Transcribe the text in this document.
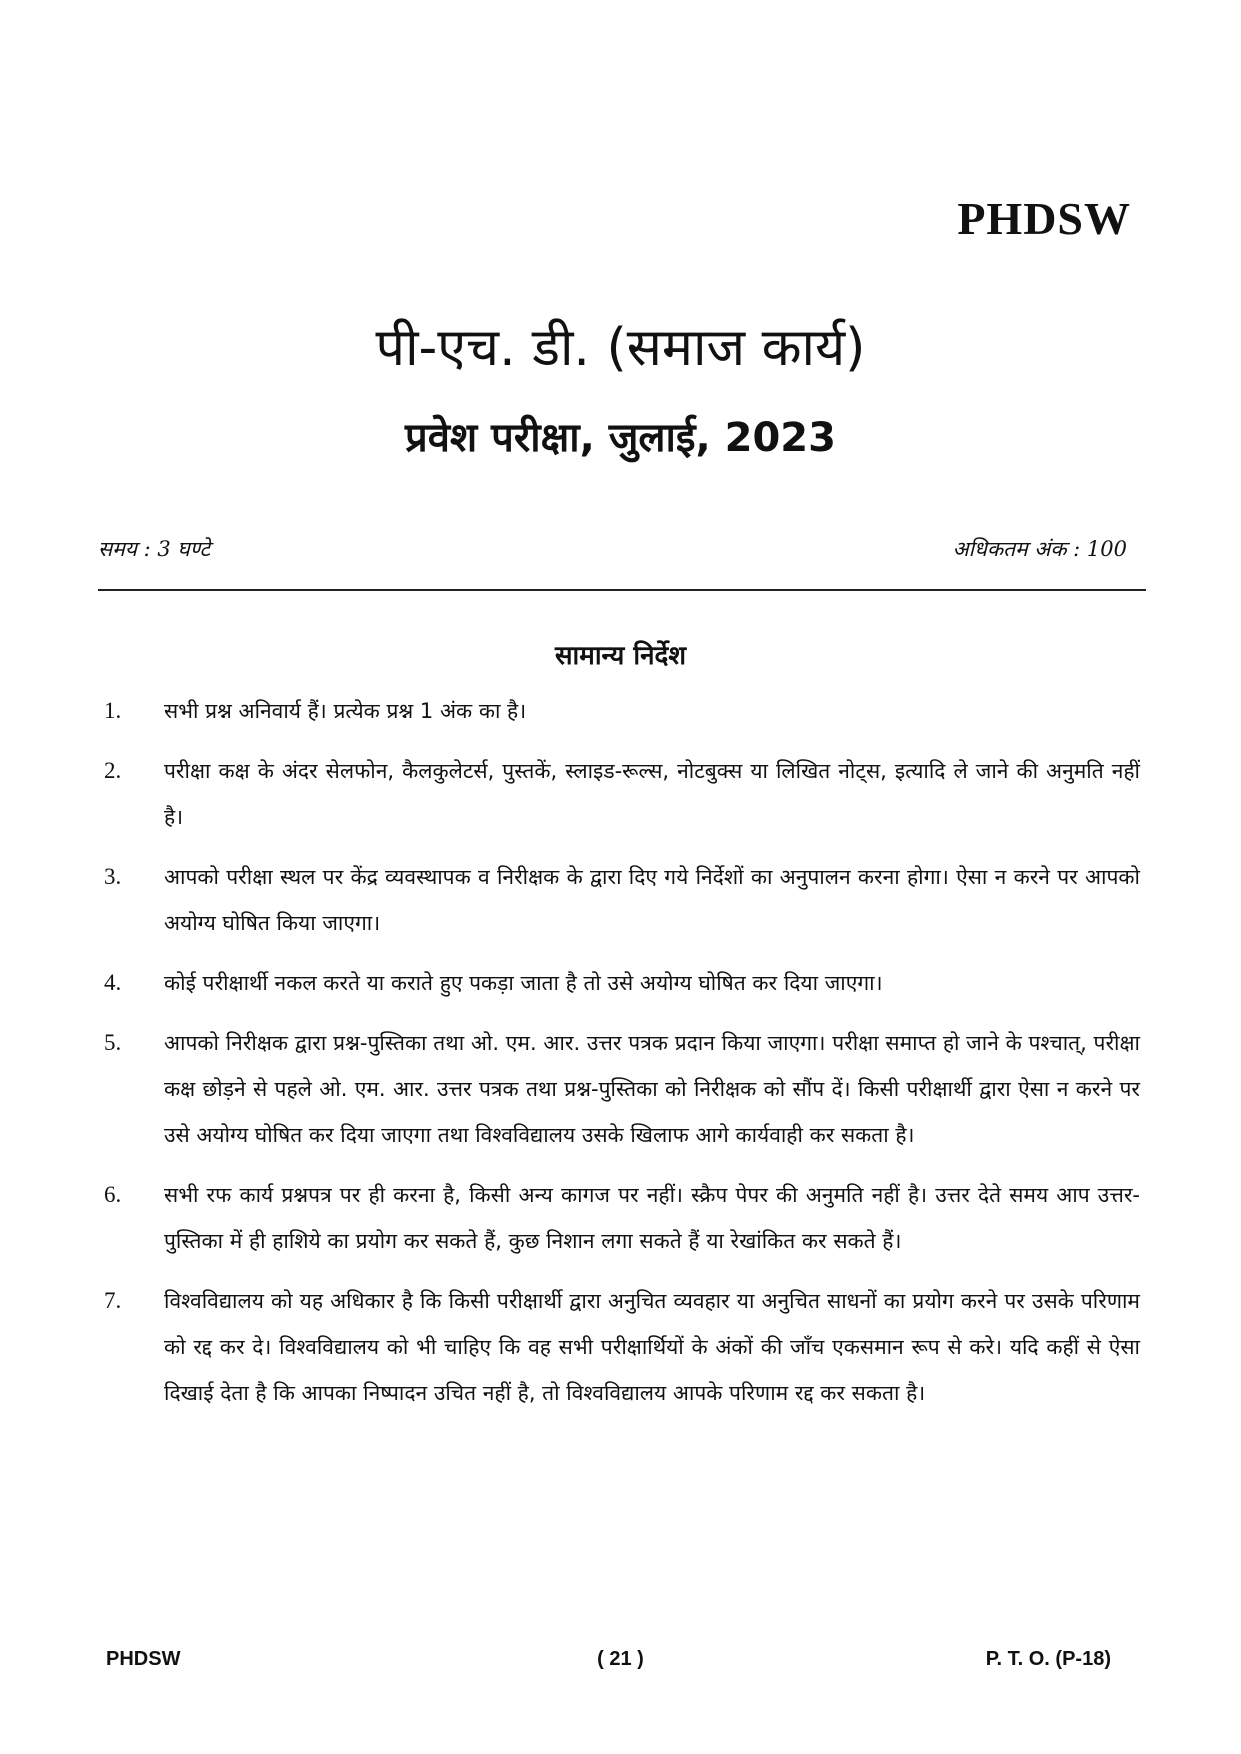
PHDSW
पी-एच. डी. (समाज कार्य)
प्रवेश परीक्षा, जुलाई, 2023
समय : 3 घण्टे	अधिकतम अंक : 100
सामान्य निर्देश
1. सभी प्रश्न अनिवार्य हैं। प्रत्येक प्रश्न 1 अंक का है।
2. परीक्षा कक्ष के अंदर सेलफोन, कैलकुलेटर्स, पुस्तकें, स्लाइड-रूल्स, नोटबुक्स या लिखित नोट्स, इत्यादि ले जाने की अनुमति नहीं है।
3. आपको परीक्षा स्थल पर केंद्र व्यवस्थापक व निरीक्षक के द्वारा दिए गये निर्देशों का अनुपालन करना होगा। ऐसा न करने पर आपको अयोग्य घोषित किया जाएगा।
4. कोई परीक्षार्थी नकल करते या कराते हुए पकड़ा जाता है तो उसे अयोग्य घोषित कर दिया जाएगा।
5. आपको निरीक्षक द्वारा प्रश्न-पुस्तिका तथा ओ. एम. आर. उत्तर पत्रक प्रदान किया जाएगा। परीक्षा समाप्त हो जाने के पश्चात्, परीक्षा कक्ष छोड़ने से पहले ओ. एम. आर. उत्तर पत्रक तथा प्रश्न-पुस्तिका को निरीक्षक को सौंप दें। किसी परीक्षार्थी द्वारा ऐसा न करने पर उसे अयोग्य घोषित कर दिया जाएगा तथा विश्वविद्यालय उसके खिलाफ आगे कार्यवाही कर सकता है।
6. सभी रफ कार्य प्रश्नपत्र पर ही करना है, किसी अन्य कागज पर नहीं। स्क्रैप पेपर की अनुमति नहीं है। उत्तर देते समय आप उत्तर-पुस्तिका में ही हाशिये का प्रयोग कर सकते हैं, कुछ निशान लगा सकते हैं या रेखांकित कर सकते हैं।
7. विश्वविद्यालय को यह अधिकार है कि किसी परीक्षार्थी द्वारा अनुचित व्यवहार या अनुचित साधनों का प्रयोग करने पर उसके परिणाम को रद्द कर दे। विश्वविद्यालय को भी चाहिए कि वह सभी परीक्षार्थियों के अंकों की जाँच एकसमान रूप से करे। यदि कहीं से ऐसा दिखाई देता है कि आपका निष्पादन उचित नहीं है, तो विश्वविद्यालय आपके परिणाम रद्द कर सकता है।
PHDSW	( 21 )	P. T. O. (P-18)
